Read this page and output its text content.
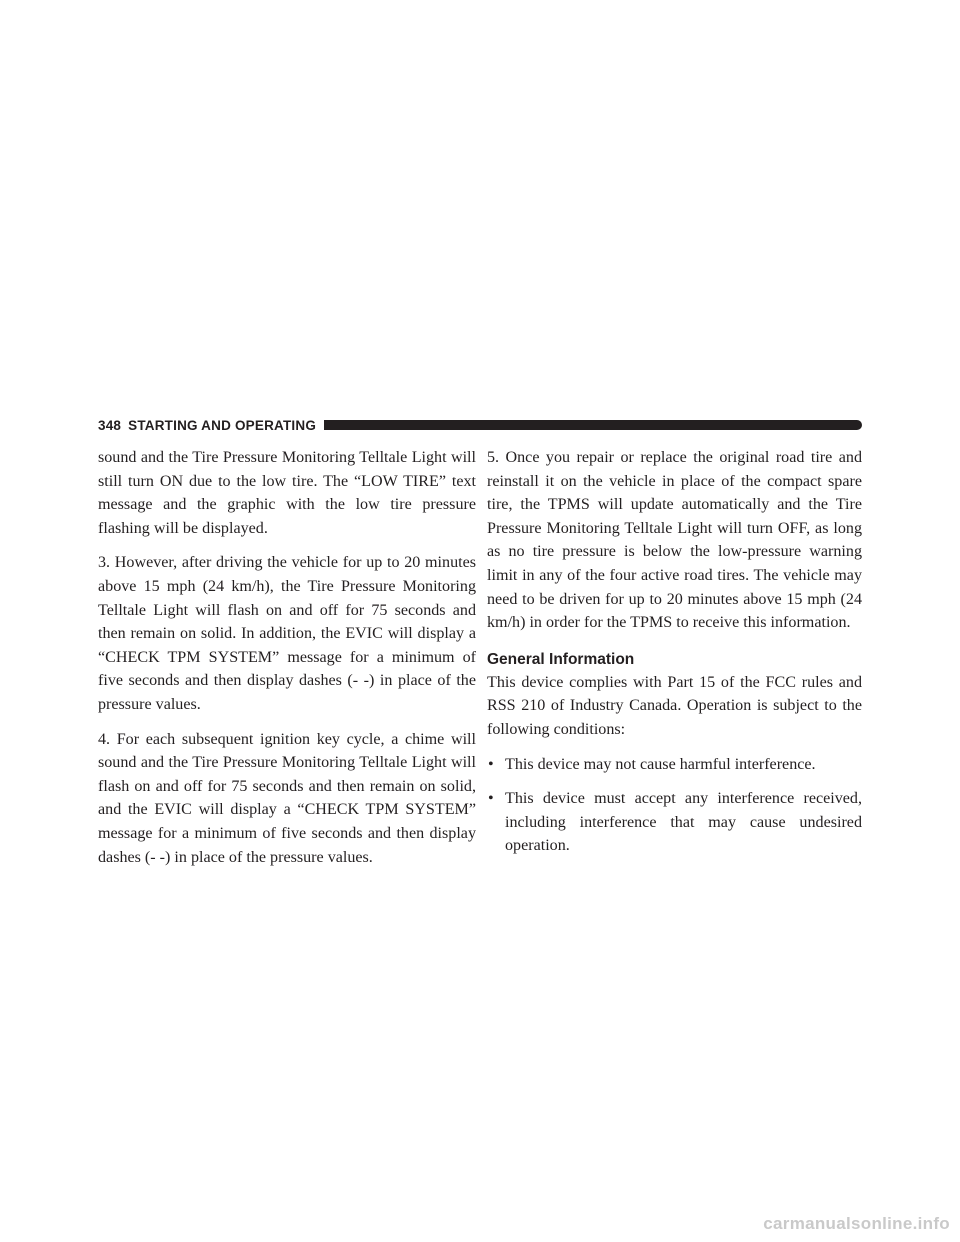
348 STARTING AND OPERATING

sound and the Tire Pressure Monitoring Telltale Light will still turn ON due to the low tire. The “LOW TIRE” text message and the graphic with the low tire pressure flashing will be displayed.

3. However, after driving the vehicle for up to 20 minutes above 15 mph (24 km/h), the Tire Pressure Monitoring Telltale Light will flash on and off for 75 seconds and then remain on solid. In addition, the EVIC will display a “CHECK TPM SYSTEM” message for a minimum of five seconds and then display dashes (- -) in place of the pressure values.

4. For each subsequent ignition key cycle, a chime will sound and the Tire Pressure Monitoring Telltale Light will flash on and off for 75 seconds and then remain on solid, and the EVIC will display a “CHECK TPM SYSTEM” message for a minimum of five seconds and then display dashes (- -) in place of the pressure values.

5. Once you repair or replace the original road tire and reinstall it on the vehicle in place of the compact spare tire, the TPMS will update automatically and the Tire Pressure Monitoring Telltale Light will turn OFF, as long as no tire pressure is below the low-pressure warning limit in any of the four active road tires. The vehicle may need to be driven for up to 20 minutes above 15 mph (24 km/h) in order for the TPMS to receive this information.

General Information

This device complies with Part 15 of the FCC rules and RSS 210 of Industry Canada. Operation is subject to the following conditions:

• This device may not cause harmful interference.
• This device must accept any interference received, including interference that may cause undesired operation.
carmanualsonline.info
